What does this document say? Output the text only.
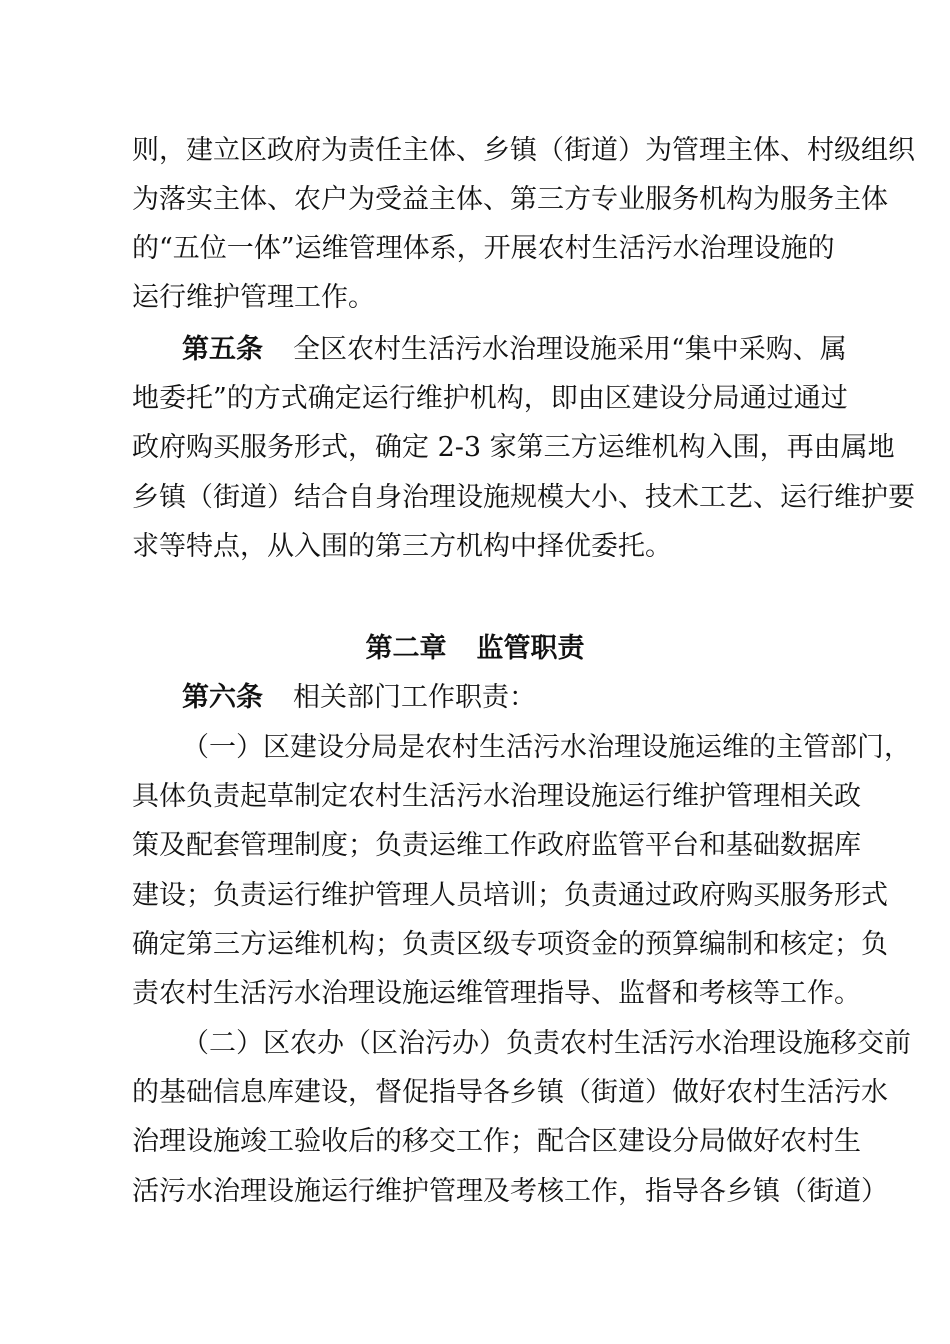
则，建立区政府为责任主体、乡镇（街道）为管理主体、村级组织
为落实主体、农户为受益主体、第三方专业服务机构为服务主体
的“五位一体”运维管理体系，开展农村生活污水治理设施的
运行维护管理工作。
第五条 全区农村生活污水治理设施采用“集中采购、属
地委托”的方式确定运行维护机构，即由区建设分局通过通过
政府购买服务形式，确定 2-3 家第三方运维机构入围，再由属地
乡镇（街道）结合自身治理设施规模大小、技术工艺、运行维护要
求等特点，从入围的第三方机构中择优委托。
第二章 监管职责
第六条 相关部门工作职责：
（一）区建设分局是农村生活污水治理设施运维的主管部门，
具体负责起草制定农村生活污水治理设施运行维护管理相关政
策及配套管理制度；负责运维工作政府监管平台和基础数据库
建设；负责运行维护管理人员培训；负责通过政府购买服务形式
确定第三方运维机构；负责区级专项资金的预算编制和核定；负
责农村生活污水治理设施运维管理指导、监督和考核等工作。
（二）区农办（区治污办）负责农村生活污水治理设施移交前
的基础信息库建设，督促指导各乡镇（街道）做好农村生活污水
治理设施竣工验收后的移交工作；配合区建设分局做好农村生
活污水治理设施运行维护管理及考核工作，指导各乡镇（街道）
